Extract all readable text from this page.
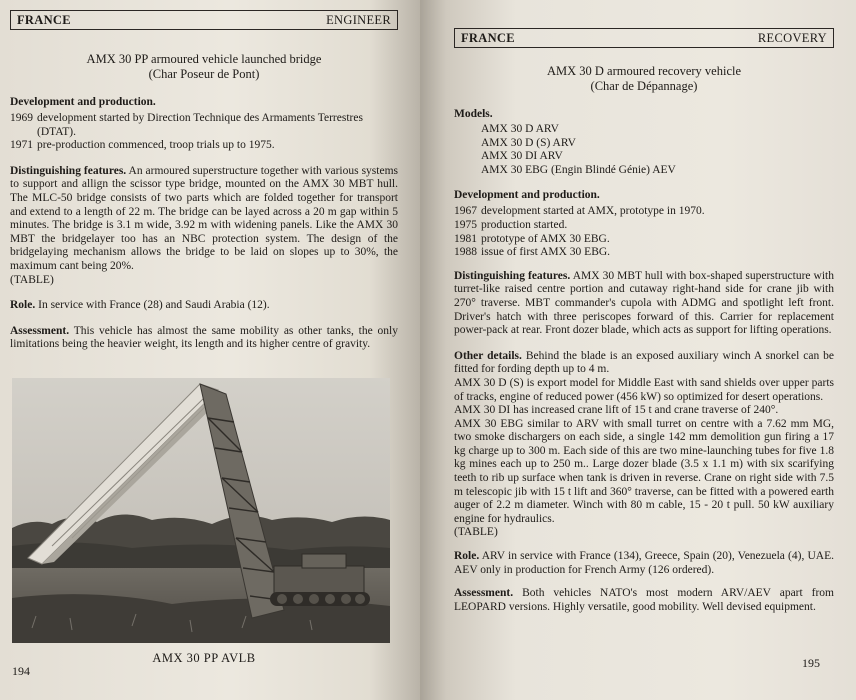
FRANCE	ENGINEER
AMX 30 PP armoured vehicle launched bridge
(Char Poseur de Pont)
Development and production.
1969 development started by Direction Technique des Armaments Terrestres (DTAT).
1971 pre-production commenced, troop trials up to 1975.

Distinguishing features. An armoured superstructure together with various systems to support and allign the scissor type bridge, mounted on the AMX 30 MBT hull. The MLC-50 bridge consists of two parts which are folded together for transport and extend to a length of 22 m. The bridge can be layed across a 20 m gap within 5 minutes. The bridge is 3.1 m wide, 3.92 m with widening panels. Like the AMX 30 MBT the bridgelayer too has an NBC protection system. The design of the bridgelaying mechanism allows the bridge to be laid on slopes up to 30%, the maximum cant being 20%.
(TABLE)

Role. In service with France (28) and Saudi Arabia (12).

Assessment. This vehicle has almost the same mobility as other tanks, the only limitations being the heavier weight, its length and its higher centre of gravity.

AMX 30 PP AVLB
194
FRANCE	RECOVERY
AMX 30 D armoured recovery vehicle
(Char de Dépannage)
Models.
AMX 30 D ARV
AMX 30 D (S) ARV
AMX 30 DI ARV
AMX 30 EBG (Engin Blindé Génie) AEV
Development and production.
1967 development started at AMX, prototype in 1970.
1975 production started.
1981 prototype of AMX 30 EBG.
1988 issue of first AMX 30 EBG.

Distinguishing features. AMX 30 MBT hull with box-shaped superstructure with turret-like raised centre portion and cutaway right-hand side for crane jib with 270° traverse. MBT commander's cupola with ADMG and spotlight left front. Driver's hatch with three periscopes forward of this. Carrier for replacement power-pack at rear. Front dozer blade, which acts as support for lifting operations.

Other details. Behind the blade is an exposed auxiliary winch A snorkel can be fitted for fording depth up to 4 m.
AMX 30 D (S) is export model for Middle East with sand shields over upper parts of tracks, engine of reduced power (456 kW) so optimized for desert operations.
AMX 30 DI has increased crane lift of 15 t and crane traverse of 240°.
AMX 30 EBG similar to ARV with small turret on centre with a 7.62 mm MG, two smoke dischargers on each side, a single 142 mm demolition gun firing a 17 kg charge up to 300 m. Each side of this are two mine-launching tubes for five 1.8 kg mines each up to 250 m.. Large dozer blade (3.5 x 1.1 m) with six scarifying teeth to rib up surface when tank is driven in reverse. Crane on right side with 7.5 m telescopic jib with 15 t lift and 360° traverse, can be fitted with a powered earth auger of 2.2 m diameter. Winch with 80 m cable, 15 - 20 t pull. 50 kW auxiliary engine for hydraulics.
(TABLE)

Role. ARV in service with France (134), Greece, Spain (20), Venezuela (4), UAE. AEV only in production for French Army (126 ordered).

Assessment. Both vehicles NATO's most modern ARV/AEV apart from LEOPARD versions. Highly versatile, good mobility. Well devised equipment.

195
